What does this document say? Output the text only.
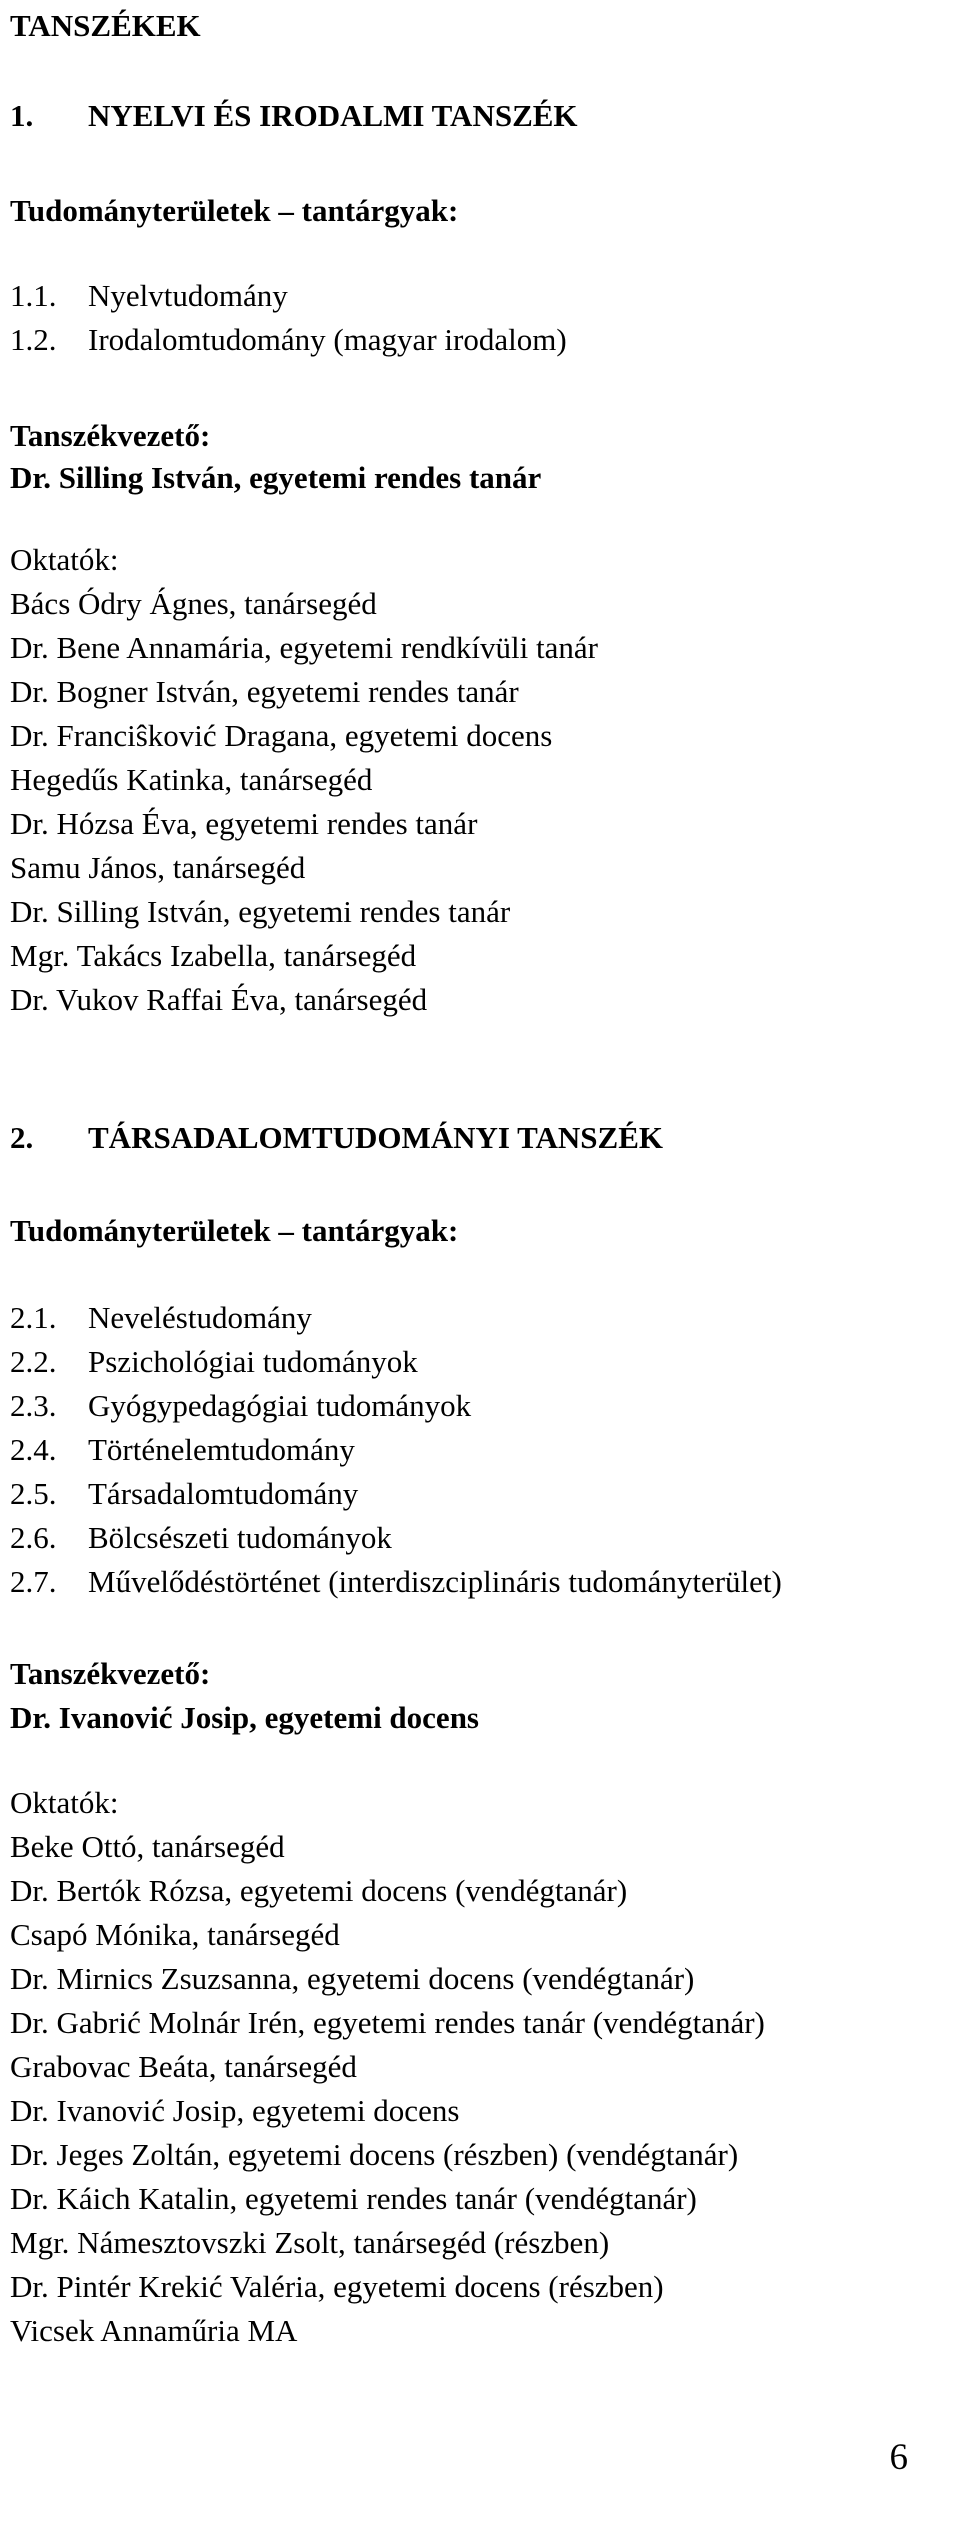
TANSZÉKEK
1. NYELVI ÉS IRODALMI TANSZÉK
Tudományterületek – tantárgyak:
1.1. Nyelvtudomány
1.2. Irodalomtudomány (magyar irodalom)
Tanszékvezető:
Dr. Silling István, egyetemi rendes tanár
Oktatók:
Bács Ódry Ágnes, tanársegéd
Dr. Bene Annamária, egyetemi rendkívüli tanár
Dr. Bogner István, egyetemi rendes tanár
Dr. Franciŝković Dragana, egyetemi docens
Hegedűs Katinka, tanársegéd
Dr. Hózsa Éva, egyetemi rendes tanár
Samu János, tanársegéd
Dr. Silling István, egyetemi rendes tanár
Mgr. Takács Izabella, tanársegéd
Dr. Vukov Raffai Éva, tanársegéd
2. TÁRSADALOMTUDOMÁNYI TANSZÉK
Tudományterületek – tantárgyak:
2.1. Neveléstudomány
2.2. Pszichológiai tudományok
2.3. Gyógypedagógiai tudományok
2.4. Történelemtudomány
2.5. Társadalomtudomány
2.6. Bölcsészeti tudományok
2.7. Művelődéstörténet (interdiszciplináris tudományterület)
Tanszékvezető:
Dr. Ivanović Josip, egyetemi docens
Oktatók:
Beke Ottó, tanársegéd
Dr. Bertók Rózsa, egyetemi docens (vendégtanár)
Csapó Mónika, tanársegéd
Dr. Mirnics Zsuzsanna, egyetemi docens (vendégtanár)
Dr. Gabrić Molnár Irén, egyetemi rendes tanár (vendégtanár)
Grabovac Beáta, tanársegéd
Dr. Ivanović Josip, egyetemi docens
Dr. Jeges Zoltán, egyetemi docens (részben) (vendégtanár)
Dr. Káich Katalin, egyetemi rendes tanár (vendégtanár)
Mgr. Námesztovszki Zsolt, tanársegéd (részben)
Dr. Pintér Krekić Valéria, egyetemi docens (részben)
Vicsek Annaműria MA
6
